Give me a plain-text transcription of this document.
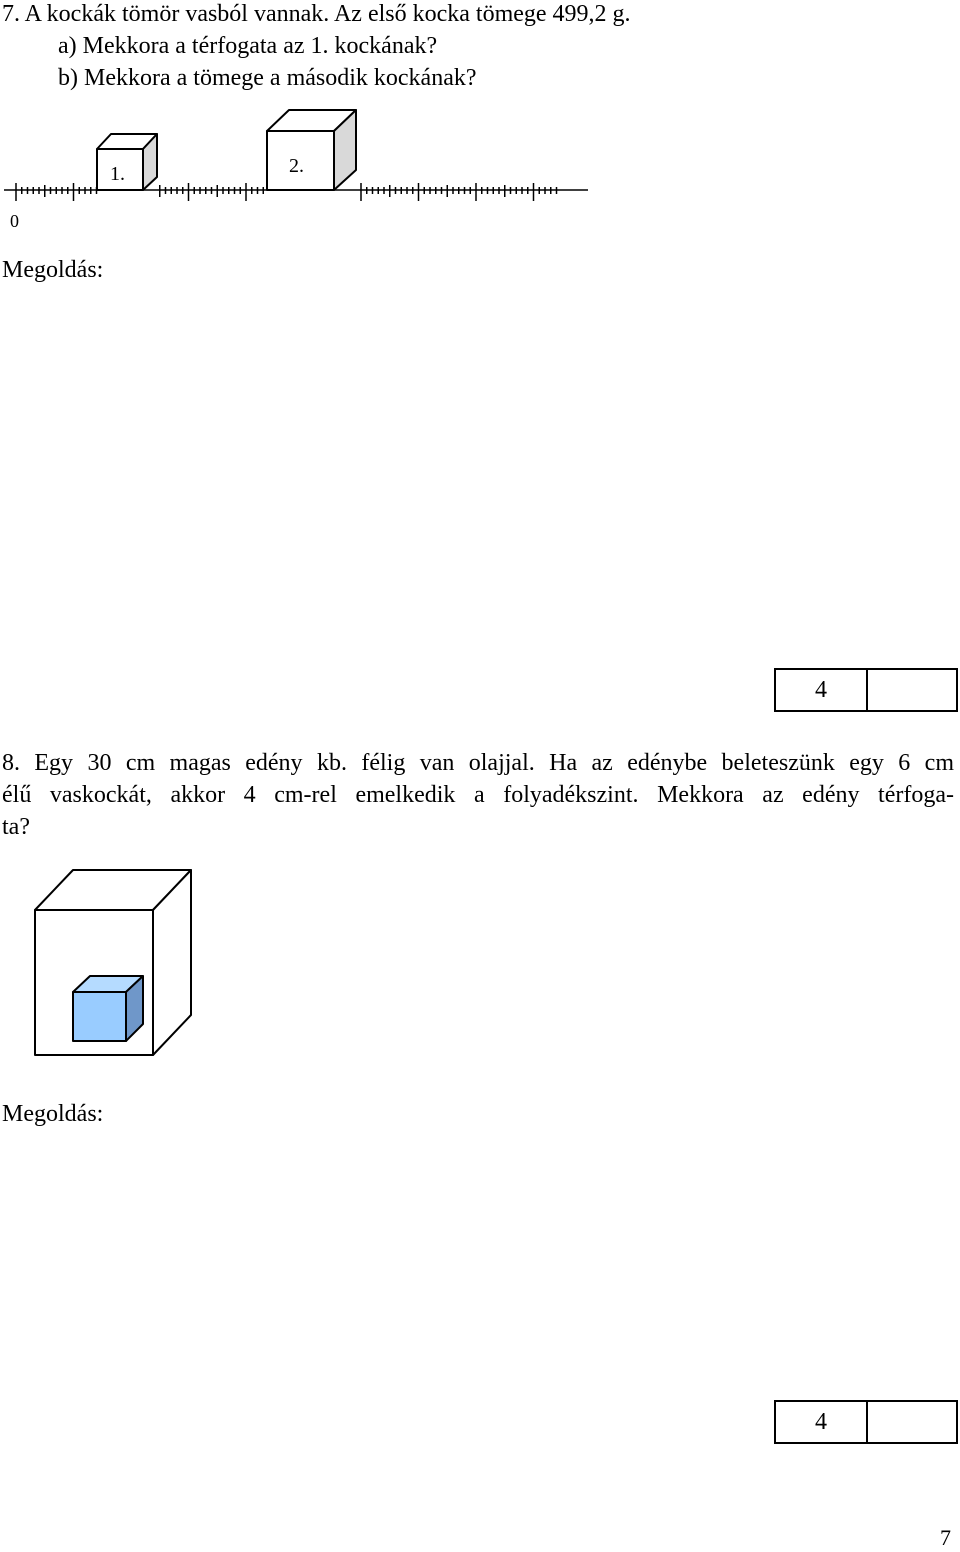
7. A kockák tömör vasból vannak. Az első kocka tömege 499,2 g.
a) Mekkora a térfogata az 1. kockának?
b) Mekkora a tömege a második kockának?
1.	2.
0
Megoldás:
4
8. Egy 30 cm magas edény kb. félig van olajjal. Ha az edénybe beleteszünk egy 6 cm
élű vaskockát, akkor 4 cm-rel emelkedik a folyadékszint. Mekkora az edény térfoga-
ta?
Megoldás:
4
7
